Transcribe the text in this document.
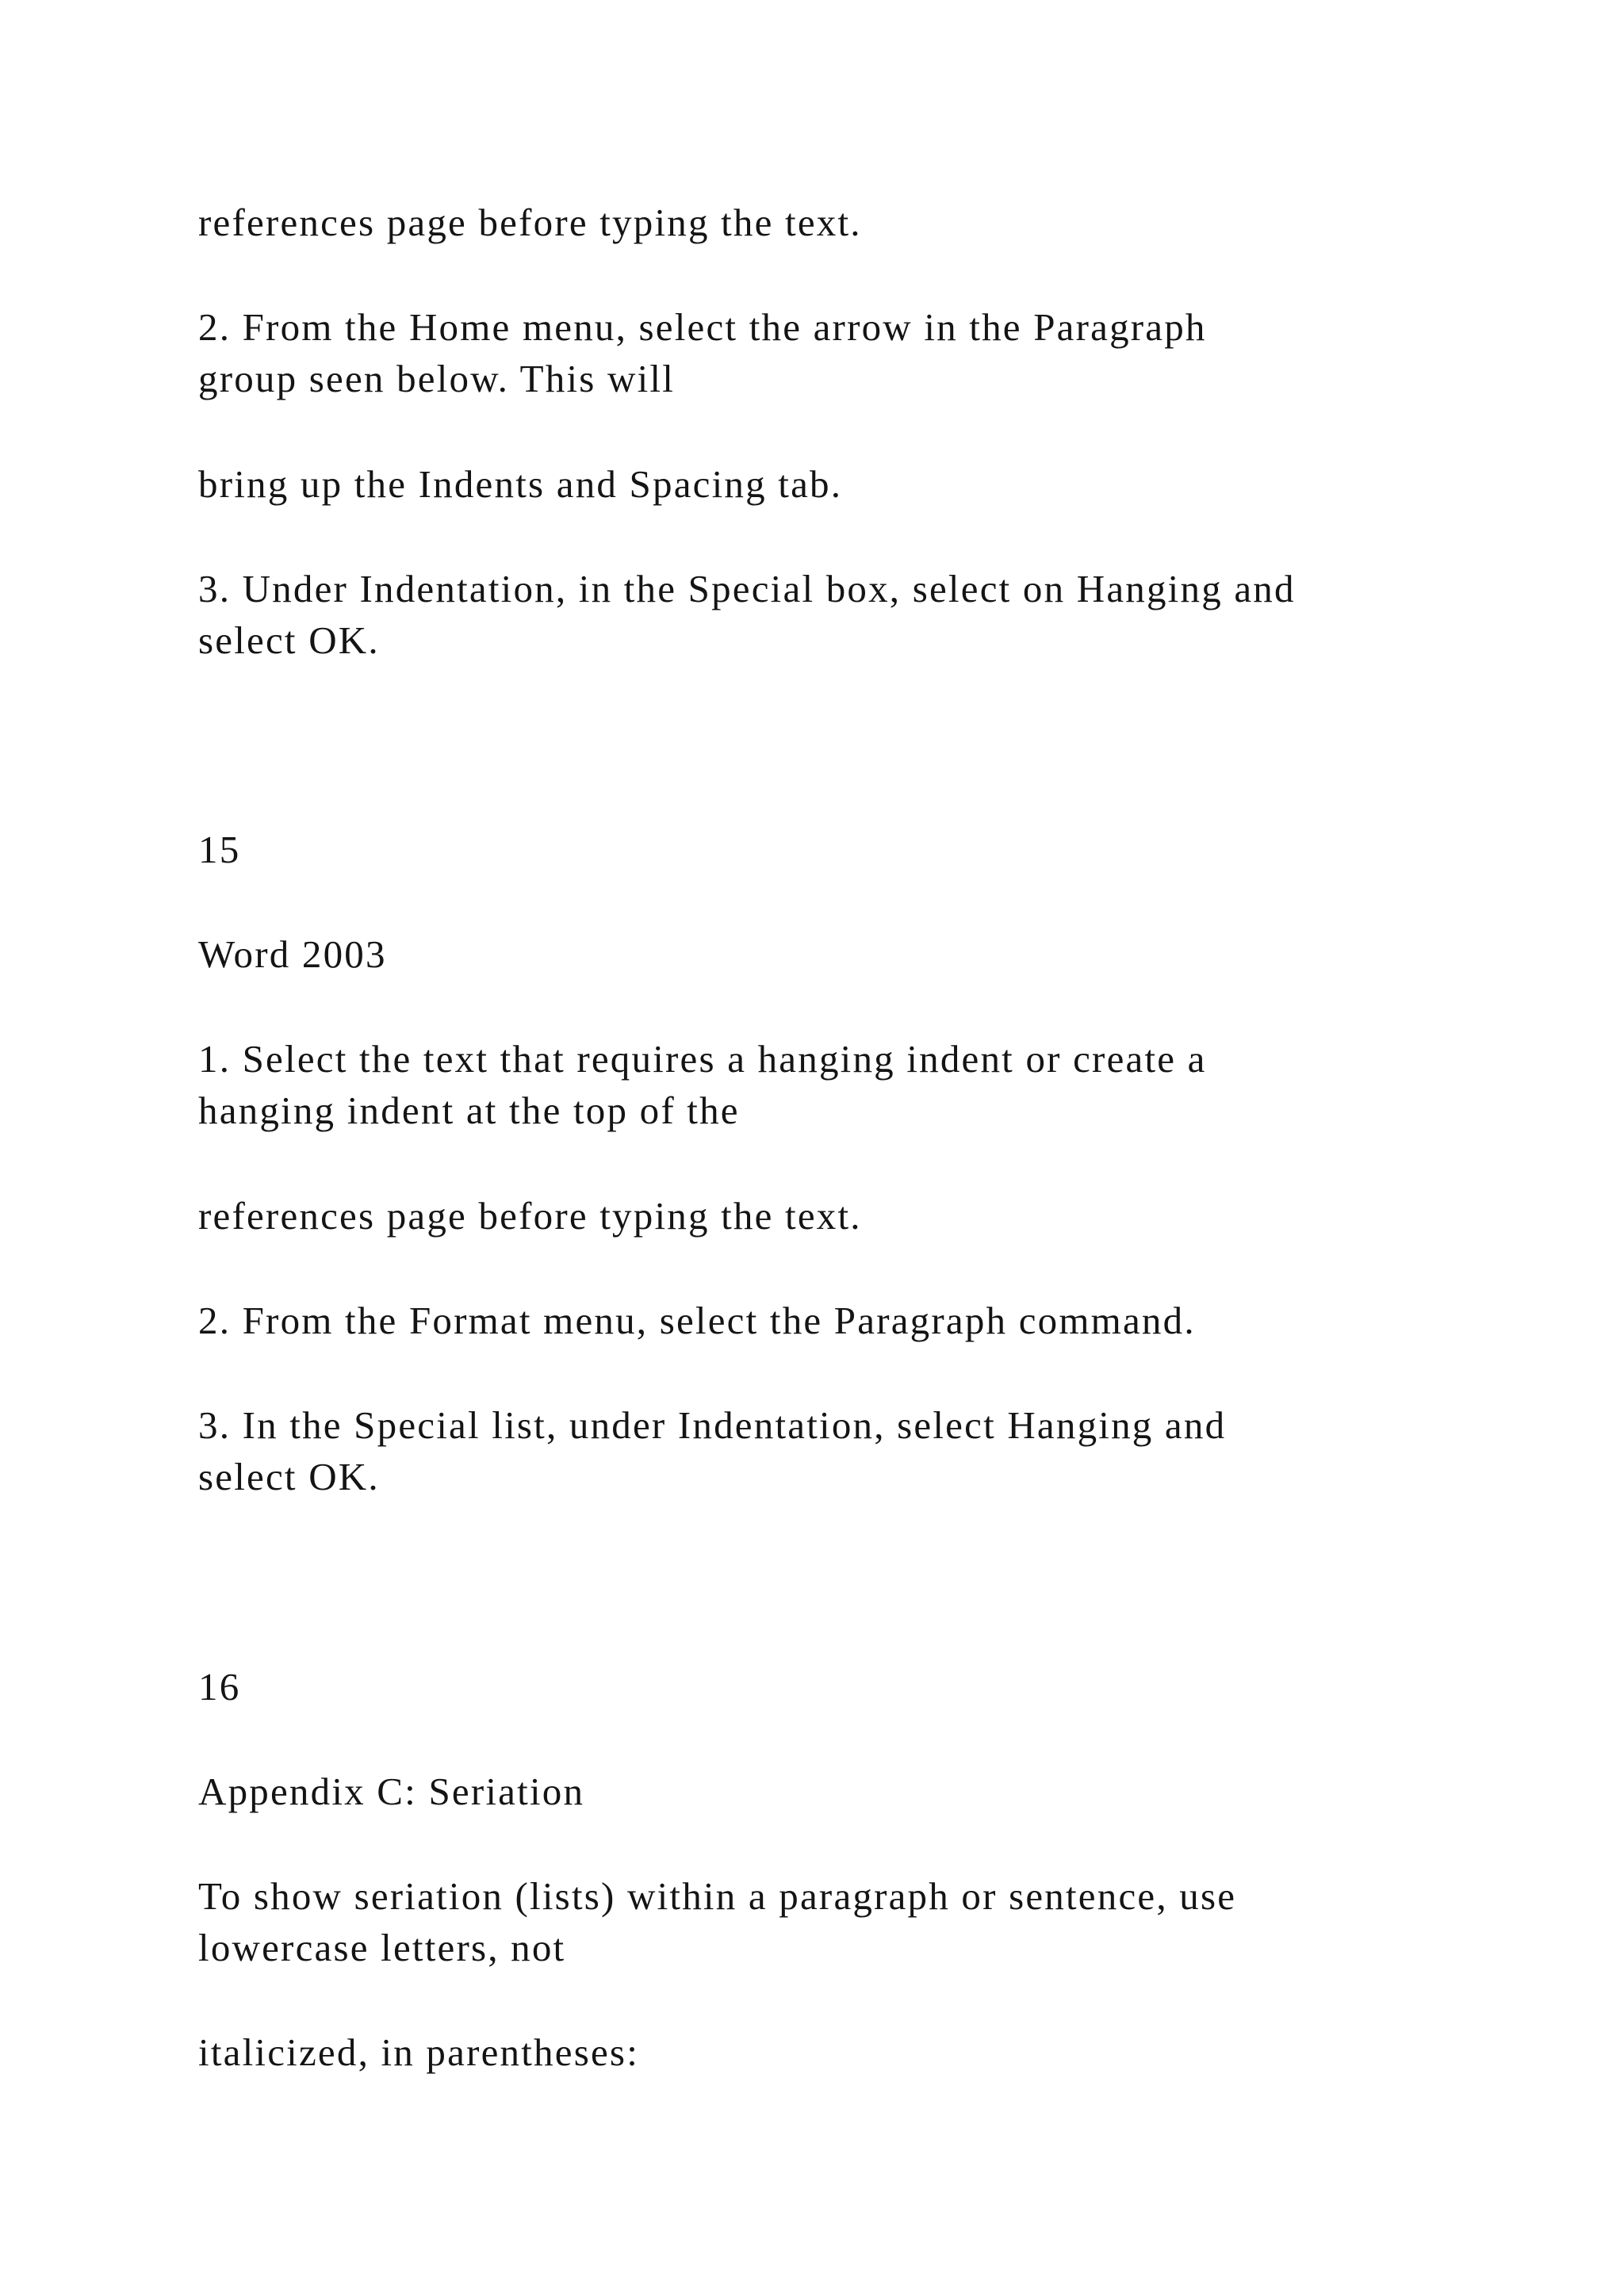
references page before typing the text.

2. From the Home menu, select the arrow in the Paragraph

group seen below. This will

bring up the Indents and Spacing tab.

3. Under Indentation, in the Special box, select on Hanging and

select OK.

15

Word 2003

1. Select the text that requires a hanging indent or create a

hanging indent at the top of the

references page before typing the text.

2. From the Format menu, select the Paragraph command.

3. In the Special list, under Indentation, select Hanging and

select OK.

16

Appendix C: Seriation

To show seriation (lists) within a paragraph or sentence, use

lowercase letters, not

italicized, in parentheses:
